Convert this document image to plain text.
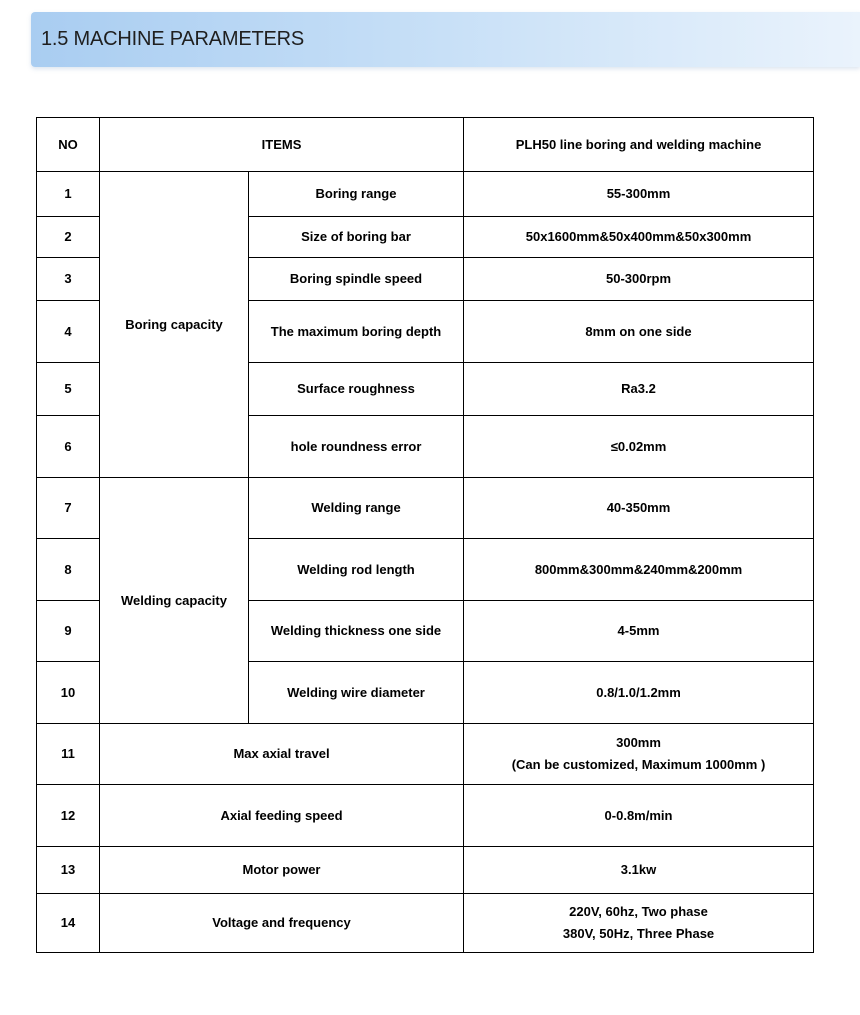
1.5 MACHINE PARAMETERS
NO	ITEMS		PLH50 line boring and welding machine
1	Boring capacity	Boring range	55-300mm
2		Size of boring bar	50x1600mm&50x400mm&50x300mm
3		Boring spindle speed	50-300rpm
4		The maximum boring depth	8mm on one side
5		Surface roughness	Ra3.2
6		hole roundness error	≤0.02mm
7	Welding capacity	Welding range	40-350mm
8		Welding rod length	800mm&300mm&240mm&200mm
9		Welding thickness one side	4-5mm
10		Welding wire diameter	0.8/1.0/1.2mm
11	Max axial travel		300mm
(Can be customized, Maximum 1000mm )

12	Axial feeding speed		0-0.8m/min
13	Motor power		3.1kw
14	Voltage and frequency		220V, 60hz, Two phase
380V, 50Hz, Three Phase
